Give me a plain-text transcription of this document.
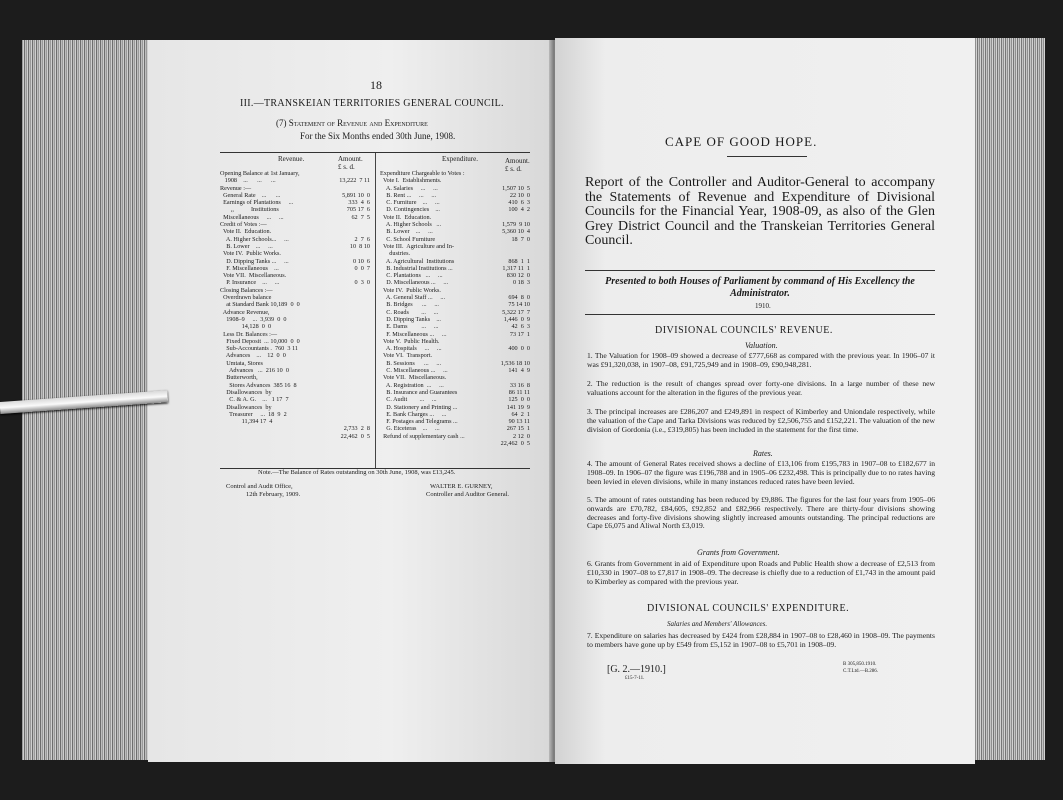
18
III.—TRANSKEIAN TERRITORIES GENERAL COUNCIL.
(7) Statement of Revenue and Expenditure
For the Six Months ended 30th June, 1908.
Revenue.	Amount.
£ s. d.
Expenditure.	Amount.
£ s. d.
Opening Balance at 1st January,
1908    ...      ...      ...	13,222  7 11
Revenue :—
General Rate    ...      ...	5,891 10  0
Earnings of Plantations     ...	333  4  6
,,           Institutions	705 17  6
Miscellaneous     ...     ...	62  7  5
Credit of Votes :—
Vote II.  Education.
A. Higher Schools...     ...	2  7  6
B. Lower    ...     ...	10  8 10
Vote IV.  Public Works.
D. Dipping Tanks ...     ...	0 10  6
F. Miscellaneous    ...	0  0  7
Vote VII.  Miscellaneous.
P. Insurance    ...     ...	0  3  0
Closing Balances :—
Overdrawn balance
at Standard Bank 10,189  0  0
Advance Revenue,
1908–9     ...  3,939  0  0
14,128  0  0
Less Dr. Balances :—
Fixed Deposit  ... 10,000  0  0
Sub-Accountants .  760  3 11
Advances    ...    12  0  0
Umtata, Stores
Advances   ...  216 10  0
Butterworth,
Stores Advances  385 16  8
Disallowances  by
C. & A. G.    ...   1 17  7
Disallowances  by
Treasurer     ...  18  9  2
11,394 17  4
2,733  2  8
22,462  0  5
Expenditure Chargeable to Votes :
Vote I.  Establishments.
A. Salaries     ...     ...	1,507 10  5
B. Rent ...     ...     ...	22 10  0
C. Furniture    ...     ...	410  6  3
D. Contingencies    ...	100  4  2
Vote II.  Education.
A. Higher Schools   ...	1,579  9 10
B. Lower    ...     ...	5,360 10  4
C. School Furniture	18  7  0
Vote III.  Agriculture and In-
dustries.
A. Agricultural  Institutions	868  1  1
B. Industrial Institutions ...	1,317 11  1
C. Plantations   ...     ...	830 12  0
D. Miscellaneous ...     ...	0 18  3
Vote IV.  Public Works.
A. General Staff ...     ...	694  8  0
B. Bridges      ...     ...	75 14 10
C. Roads        ...     ...	5,322 17  7
D. Dipping Tanks    ...	1,446  0  9
E. Dams         ...     ...	42  6  3
F. Miscellaneous ...     ...	73 17  1
Vote V.  Public Health.
A. Hospitals     ...     ...	400  0  0
Vote VI.  Transport.
B. Sessions      ...     ...	1,536 18 10
C. Miscellaneous ...     ...	141  4  9
Vote VII.  Miscellaneous.
A. Registration  ...     ...	33 16  8
B. Insurance and Guarantees	86 11 11
C. Audit        ...     ...	125  0  0
D. Stationery and Printing ...	141 19  9
E. Bank Charges ...     ...	64  2  1
F. Postages and Telegrams ...	90 13 11
G. Etceteras    ...     ...	267 15  1
Refund of supplementary cash ...	2 12  0
22,462  0  5
Note.—The Balance of Rates outstanding on 30th June, 1908, was £13,245.
Control and Audit Office,
12th February, 1909.
WALTER E. GURNEY,
Controller and Auditor General.
CAPE OF GOOD HOPE.
Report of the Controller and Auditor-General to accompany the Statements of Revenue and Expenditure of Divisional Councils for the Financial Year, 1908-09, as also of the Glen Grey District Council and the Transkeian Territories General Council.
Presented to both Houses of Parliament by command of His Excellency the Administrator.
1910.
DIVISIONAL COUNCILS' REVENUE.
Valuation.
1. The Valuation for 1908–09 showed a decrease of £777,668 as compared with the previous year. In 1906–07 it was £91,320,038, in 1907–08, £91,725,949 and in 1908–09, £90,948,281.
2. The reduction is the result of changes spread over forty-one divisions. In a large number of these new valuations account for the alteration in the figures of the previous year.
3. The principal increases are £286,207 and £249,891 in respect of Kimberley and Uniondale respectively, while the valuation of the Cape and Tarka Divisions was reduced by £2,506,755 and £152,221. The valuation of the new division of Gordonia (i.e., £319,805) has been included in the statement for the first time.
Rates.
4. The amount of General Rates received shows a decline of £13,106 from £195,783 in 1907–08 to £182,677 in 1908–09. In 1906–07 the figure was £196,788 and in 1905–06 £232,498. This is principally due to no rates having been levied in eleven divisions, while in many instances reduced rates have been levied.
5. The amount of rates outstanding has been reduced by £9,886. The figures for the last four years from 1905–06 onwards are £70,782, £84,605, £92,852 and £82,966 respectively. There are thirty-four divisions showing decreases and forty-five divisions showing slightly increased amounts outstanding. The principal reductions are Cape £6,075 and Aliwal North £3,019.
Grants from Government.
6. Grants from Government in aid of Expenditure upon Roads and Public Health show a decrease of £2,513 from £10,330 in 1907–08 to £7,817 in 1908–09. The decrease is chiefly due to a reduction of £1,743 in the amount paid to Kimberley as compared with the previous year.
DIVISIONAL COUNCILS' EXPENDITURE.
Salaries and Members' Allowances.
7. Expenditure on salaries has decreased by £424 from £28,884 in 1907–08 to £28,460 in 1908–09. The payments to members have gone up by £549 from £5,152 in 1907–08 to £5,701 in 1908–09.
[G. 2.—1910.]
£15-7-11.
B 305,850.1910.
C.T.Ltd.—B.286.
